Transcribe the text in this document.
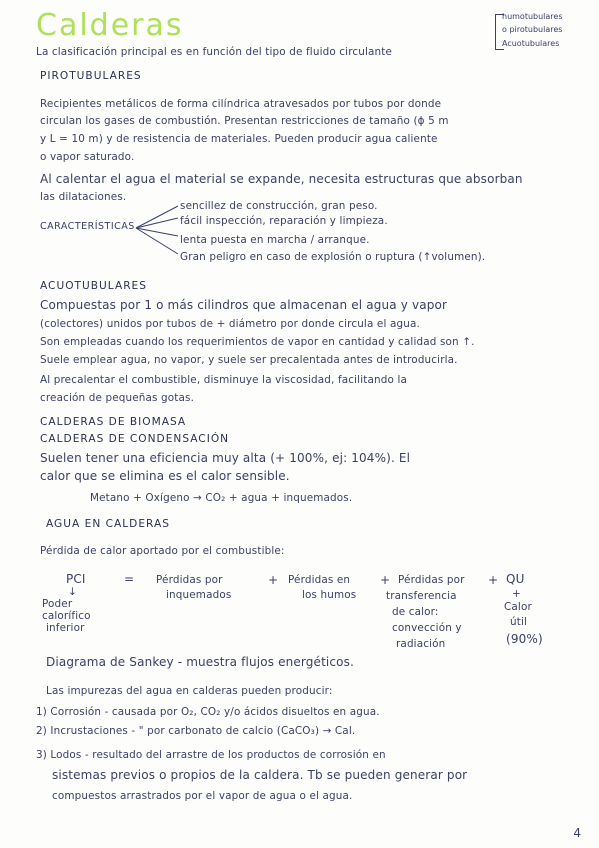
Calderas	humotubulares
o pirotubulares
Acuotubulares
La clasificación principal es en función del tipo de fluido circulante
PIROTUBULARES
Recipientes metálicos de forma cilíndrica atravesados por tubos por donde
circulan los gases de combustión. Presentan restricciones de tamaño (ϕ 5 m
y L = 10 m) y de resistencia de materiales. Pueden producir agua caliente
o vapor saturado.
Al calentar el agua el material se expande, necesita estructuras que absorban
las dilataciones.
CARACTERÍSTICAS
sencillez de construcción, gran peso.
fácil inspección, reparación y limpieza.
lenta puesta en marcha / arranque.
Gran peligro en caso de explosión o ruptura (↑volumen).
ACUOTUBULARES
Compuestas por 1 o más cilindros que almacenan el agua y vapor
(colectores) unidos por tubos de + diámetro por donde circula el agua.
Son empleadas cuando los requerimientos de vapor en cantidad y calidad son ↑.
Suele emplear agua, no vapor, y suele ser precalentada antes de introducirla.
Al precalentar el combustible, disminuye la viscosidad, facilitando la
creación de pequeñas gotas.
CALDERAS DE BIOMASA
CALDERAS DE CONDENSACIÓN
Suelen tener una eficiencia muy alta (+ 100%, ej: 104%). El
calor que se elimina es el calor sensible.
Metano + Oxígeno → CO₂ + agua + inquemados.
AGUA EN CALDERAS
Pérdida de calor aportado por el combustible:
PCI	= Pérdidas por
inquemados
+ Pérdidas en
los humos
+ Pérdidas por
transferencia
de calor:
convección y
radiación
+ QU
↓
Poder
calorífico
inferior
+
Calor
útil
(90%)
Diagrama de Sankey - muestra flujos energéticos.
Las impurezas del agua en calderas pueden producir:
1) Corrosión - causada por O₂, CO₂ y/o ácidos disueltos en agua.
2) Incrustaciones - " por carbonato de calcio (CaCO₃) → Cal.
3) Lodos - resultado del arrastre de los productos de corrosión en
sistemas previos o propios de la caldera. Tb se pueden generar por
compuestos arrastrados por el vapor de agua o el agua.
4
